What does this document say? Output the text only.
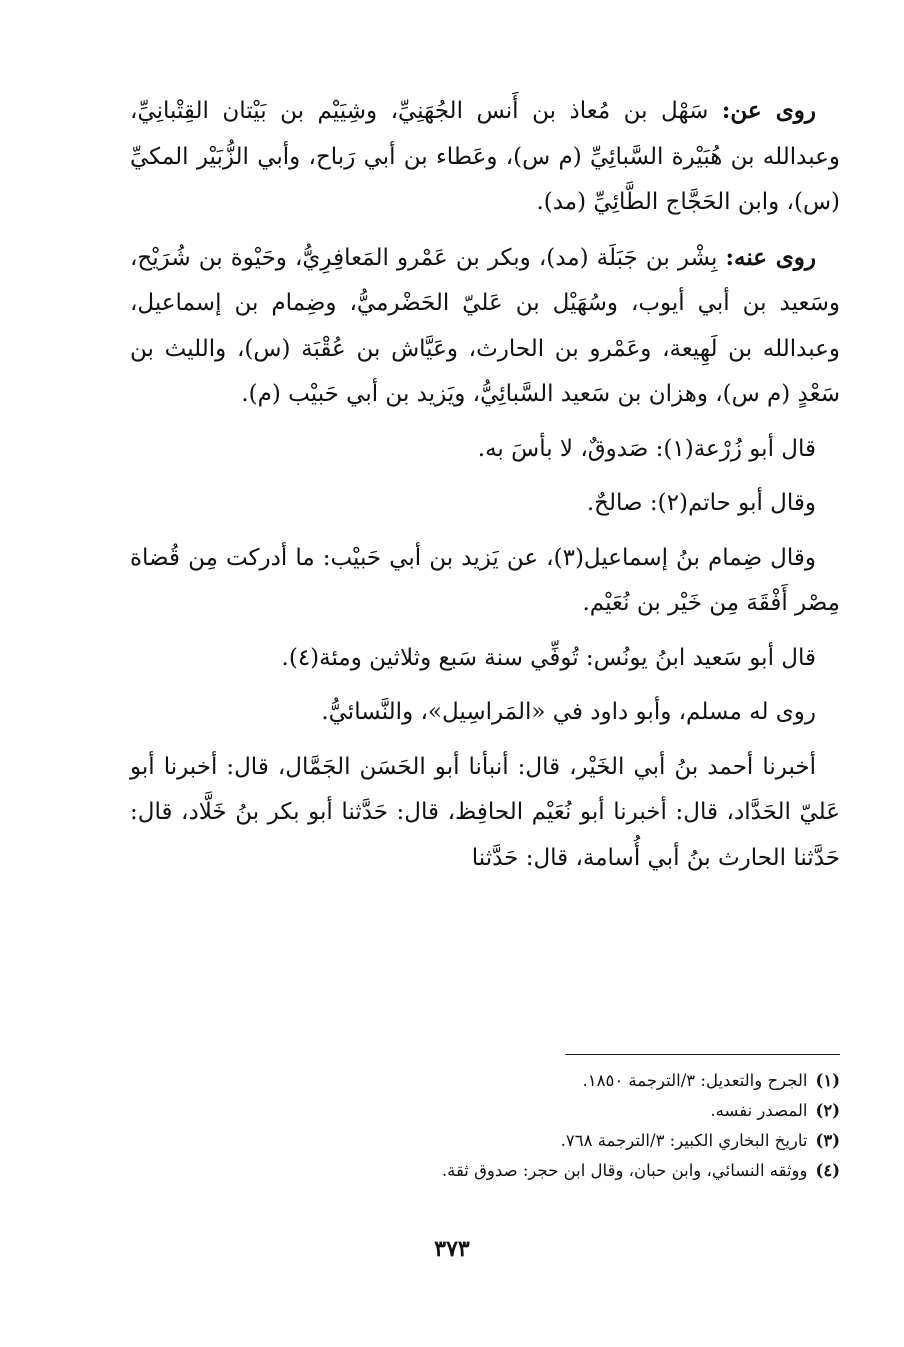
روى عن: سَهْل بن مُعاذ بن أَنس الجُهَنِيِّ، وشِيَيْم بن بَيْتان القِتْبانِيِّ، وعبدالله بن هُبَيْرة السَّبائِيِّ (م س)، وعَطاء بن أبي رَباح، وأبي الزُّبَيْر المكيِّ (س)، وابن الحَجَّاج الطَّائِيِّ (مد).

روى عنه: بِشْر بن جَبَلَة (مد)، وبكر بن عَمْرو المَعافِرِيُّ، وحَيْوة بن شُرَيْح، وسَعيد بن أبي أيوب، وسُهَيْل بن عَليّ الحَضْرميُّ، وضِمام بن إسماعيل، وعبدالله بن لَهِيعة، وعَمْرو بن الحارث، وعَيَّاش بن عُقْبَة (س)، والليث بن سَعْدٍ (م س)، وهزان بن سَعيد السَّبائِيُّ، ويَزيد بن أبي حَبيْب (م).

قال أبو زُرْعة(١): صَدوقٌ، لا بأسَ به.

وقال أبو حاتم(٢): صالحٌ.

وقال ضِمام بنُ إسماعيل(٣)، عن يَزيد بن أبي حَبيْب: ما أدركت مِن قُضاة مِصْر أَفْقَهَ مِن خَيْر بن نُعَيْم.

قال أبو سَعيد ابنُ يونُس: تُوفِّي سنة سَبع وثلاثين ومئة(٤).

روى له مسلم، وأبو داود في «المَراسِيل»، والنَّسائيُّ.

أخبرنا أحمد بنُ أبي الخَيْر، قال: أنبأنا أبو الحَسَن الجَمَّال، قال: أخبرنا أبو عَليّ الحَدَّاد، قال: أخبرنا أبو نُعَيْم الحافِظ، قال: حَدَّثنا أبو بكر بنُ خَلَّاد، قال: حَدَّثنا الحارث بنُ أبي أُسامة، قال: حَدَّثنا

(١)الجرح والتعديل: ٣/الترجمة ١٨٥٠.

(٢)المصدر نفسه.

(٣)تاريخ البخاري الكبير: ٣/الترجمة ٧٦٨.

(٤)ووثقه النسائي، وابن حبان، وقال ابن حجر: صدوق ثقة.

٣٧٣
